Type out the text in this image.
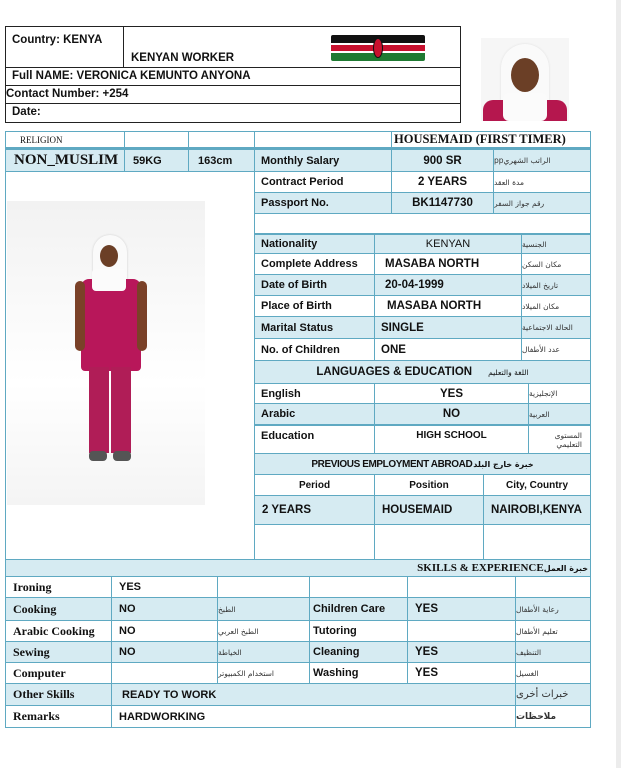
Country: KENYA
KENYAN WORKER
Full NAME: VERONICA KEMUNTO ANYONA
Contact Number: +254
Date:
RELIGION	HOUSEMAID (FIRST TIMER)
NON_MUSLIM	59KG	163cm	Monthly Salary	900 SR	الراتب الشهريpp
Contract Period	2 YEARS	مدة العقد
Passport No.	BK1147730	رقم جواز السفر
Nationality	KENYAN	الجنسية
Complete Address	MASABA NORTH	مكان السكن
Date of Birth	20-04-1999	تاريخ الميلاد
Place of Birth	MASABA NORTH	مكان الميلاد
Marital Status	SINGLE	الحالة الاجتماعية
No. of Children	ONE	عدد الأطفال
LANGUAGES & EDUCATION اللغة والتعليم
English	YES	الإنجليزية
Arabic	NO	العربية
Education	HIGH SCHOOL	المستوى التعليمي
PREVIOUS EMPLOYMENT ABROAD خبرة خارج البلد
Period	Position	City, Country
2 YEARS	HOUSEMAID	NAIROBI,KENYA
SKILLS & EXPERIENCE خبرة العمل
Ironing	YES
Cooking	NO	الطبخ	Children Care	YES	رعاية الأطفال
Arabic Cooking	NO	الطبخ العربي	Tutoring	تعليم الأطفال
Sewing	NO	الخياطة	Cleaning	YES	التنظيف
Computer	استخدام الكمبيوتر	Washing	YES	الغسيل
Other Skills	READY TO WORK	خبرات أخرى
Remarks	HARDWORKING	ملاحظات
